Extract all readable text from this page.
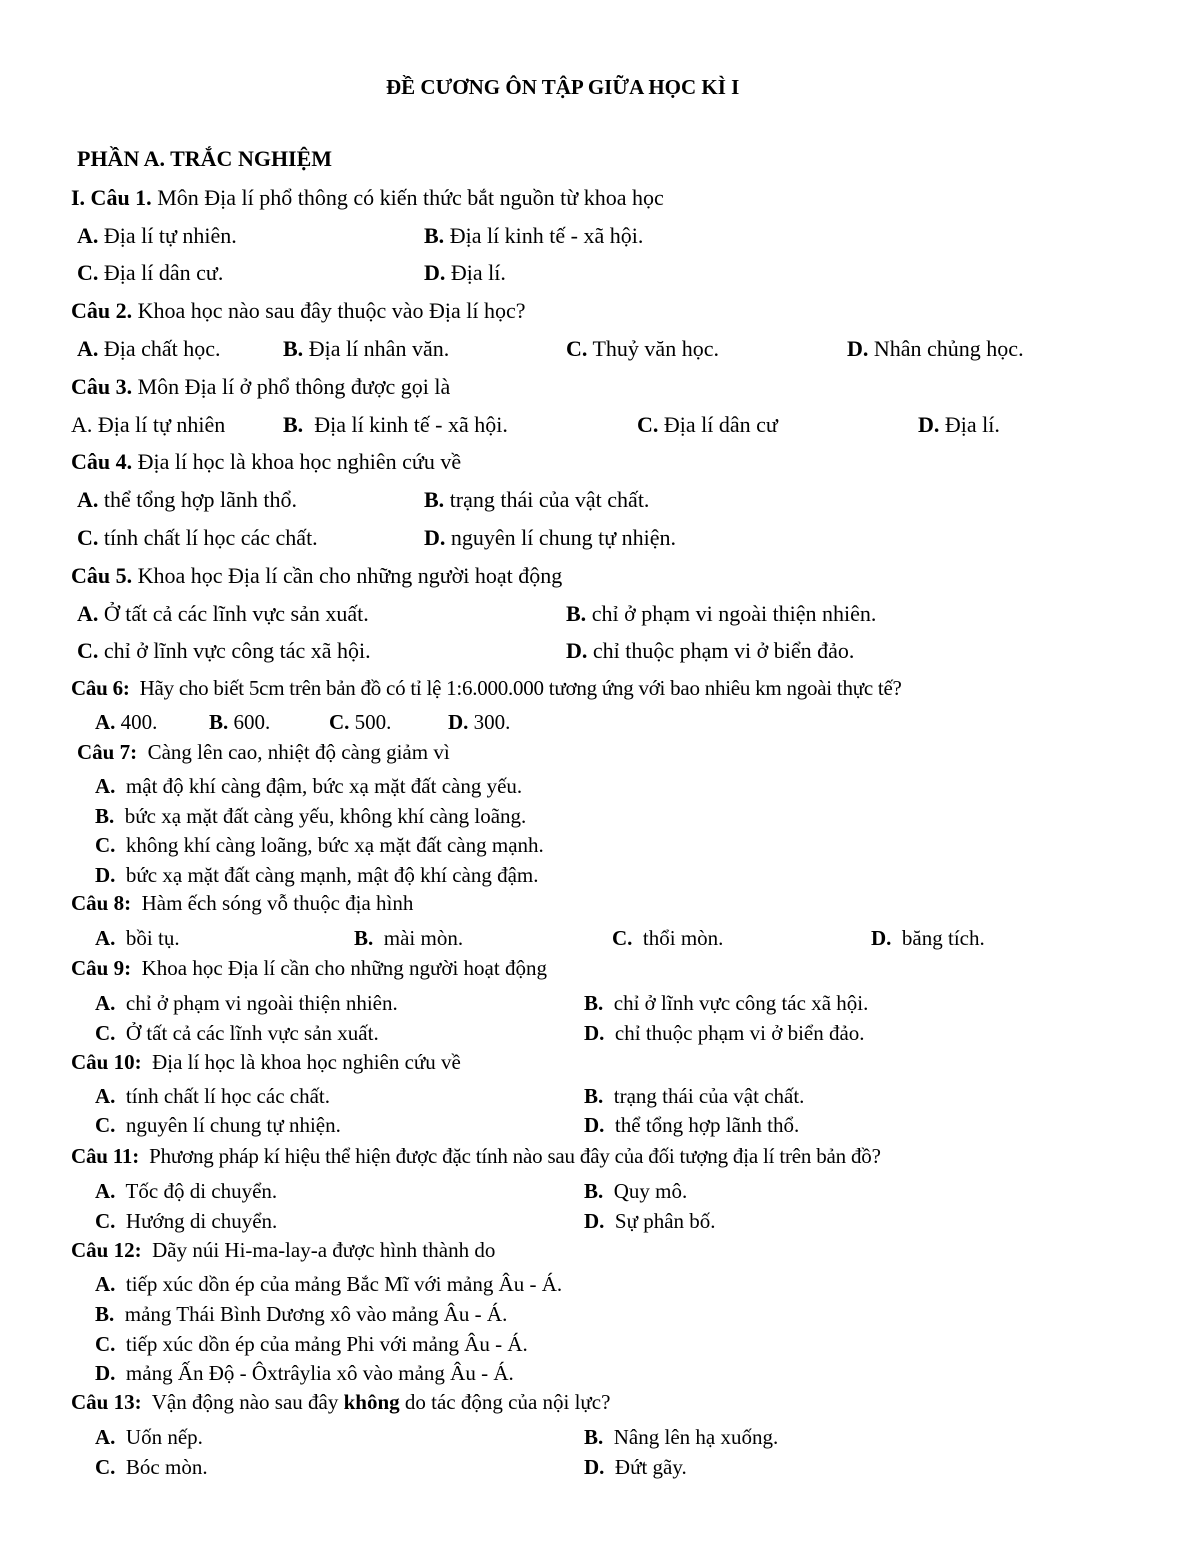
ĐỀ CƯƠNG ÔN TẬP GIỮA HỌC KÌ I
PHẦN A. TRẮC NGHIỆM
I. Câu 1. Môn Địa lí phổ thông có kiến thức bắt nguồn từ khoa học
A. Địa lí tự nhiên.	B. Địa lí kinh tế - xã hội.
C. Địa lí dân cư.	D. Địa lí.
Câu 2. Khoa học nào sau đây thuộc vào Địa lí học?
A. Địa chất học.	B. Địa lí nhân văn.	C. Thuỷ văn học.	D. Nhân chủng học.
Câu 3. Môn Địa lí ở phổ thông được gọi là
A. Địa lí tự nhiên	B.  Địa lí kinh tế - xã hội.	C. Địa lí dân cư	D. Địa lí.
Câu 4. Địa lí học là khoa học nghiên cứu về
A. thể tổng hợp lãnh thổ.	B. trạng thái của vật chất.
C. tính chất lí học các chất.	D. nguyên lí chung tự nhiện.
Câu 5. Khoa học Địa lí cần cho những người hoạt động
A. Ở tất cả các lĩnh vực sản xuất.	B. chỉ ở phạm vi ngoài thiện nhiên.
C. chỉ ở lĩnh vực công tác xã hội.	D. chỉ thuộc phạm vi ở biển đảo.
Câu 6:  Hãy cho biết 5cm trên bản đồ có tỉ lệ 1:6.000.000 tương ứng với bao nhiêu km ngoài thực tế?
A. 400. B. 600.	C. 500.	D. 300.
Câu 7:  Càng lên cao, nhiệt độ càng giảm vì
A.  mật độ khí càng đậm, bức xạ mặt đất càng yếu.
B.  bức xạ mặt đất càng yếu, không khí càng loãng.
C.  không khí càng loãng, bức xạ mặt đất càng mạnh.
D.  bức xạ mặt đất càng mạnh, mật độ khí càng đậm.
Câu 8:  Hàm ếch sóng vỗ thuộc địa hình
A.  bồi tụ.	B.  mài mòn.	C.  thổi mòn.	D.  băng tích.
Câu 9:  Khoa học Địa lí cần cho những người hoạt động
A.  chỉ ở phạm vi ngoài thiện nhiên.	B.  chỉ ở lĩnh vực công tác xã hội.
C.  Ở tất cả các lĩnh vực sản xuất.	D.  chỉ thuộc phạm vi ở biển đảo.
Câu 10:  Địa lí học là khoa học nghiên cứu về
A.  tính chất lí học các chất.	B.  trạng thái của vật chất.
C.  nguyên lí chung tự nhiện.	D.  thể tổng hợp lãnh thổ.
Câu 11:  Phương pháp kí hiệu thể hiện được đặc tính nào sau đây của đối tượng địa lí trên bản đồ?
A.  Tốc độ di chuyển.	B.  Quy mô.
C.  Hướng di chuyển.	D.  Sự phân bố.
Câu 12:  Dãy núi Hi-ma-lay-a được hình thành do
A.  tiếp xúc dồn ép của mảng Bắc Mĩ với mảng Âu - Á.
B.  mảng Thái Bình Dương xô vào mảng Âu - Á.
C.  tiếp xúc dồn ép của mảng Phi với mảng Âu - Á.
D.  mảng Ấn Độ - Ôxtrâylia xô vào mảng Âu - Á.
Câu 13:  Vận động nào sau đây không do tác động của nội lực?
A.  Uốn nếp.	B.  Nâng lên hạ xuống.
C.  Bóc mòn.	D.  Đứt gãy.
